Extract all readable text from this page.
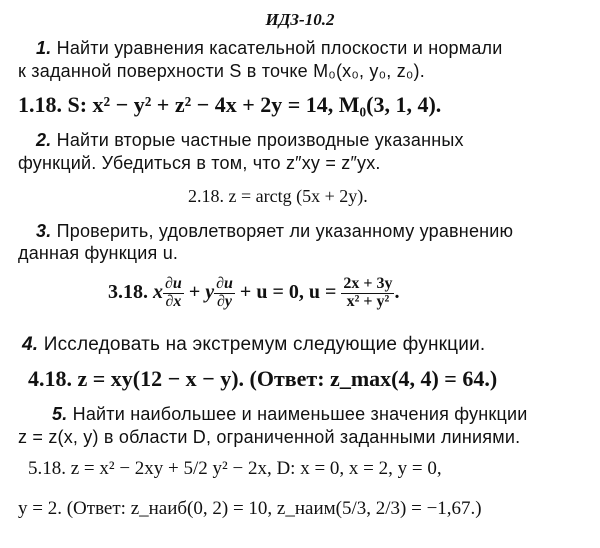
ИДЗ-10.2
1. Найти уравнения касательной плоскости и нормали
к заданной поверхности S в точке M₀(x₀, y₀, z₀).
1.18. S: x² − y² + z² − 4x + 2y = 14, M₀(3, 1, 4).
2. Найти вторые частные производные указанных
функций. Убедиться в том, что z″xy = z″yx.
2.18. z = arctg (5x + 2y).
3. Проверить, удовлетворяет ли указанному уравнению
данная функция u.
3.18. x $\frac{\partial u}{\partial x} + y \frac{\partial u}{\partial y} + u = 0$, $u = \frac{2x + 3y}{\text{x² + y²}}$ .
4. Исследовать на экстремум следующие функции.
4.18. z = xy(12 − x − y). (Ответ: z_max(4, 4) = 64.)
5. Найти наибольшее и наименьшее значения функции
z = z(x, y) в области D, ограниченной заданными линиями.
5.18. z = x² − 2xy + 5/2 y² − 2x, D: x = 0, x = 2, y = 0,
y = 2. (Ответ: z_наиб(0, 2) = 10, z_наим(5/3, 2/3) = −1,67.)
